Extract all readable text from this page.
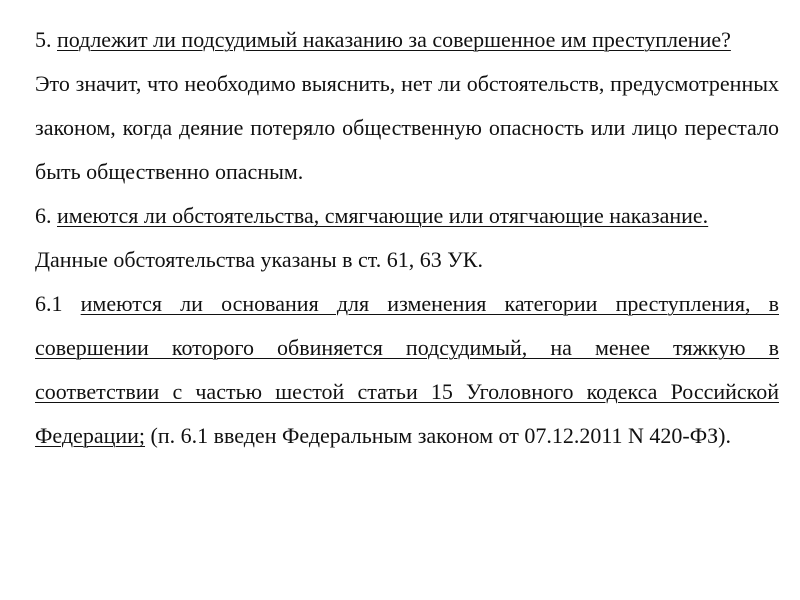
5. подлежит ли подсудимый наказанию за совершенное им преступление?

Это значит, что необходимо выяснить, нет ли обстоятельств, предусмотренных законом, когда деяние потеряло общественную опасность или лицо перестало быть общественно опасным.

6. имеются ли обстоятельства, смягчающие или отягчающие наказание.

Данные обстоятельства указаны в ст. 61, 63 УК.

6.1 имеются ли основания для изменения категории преступления, в совершении которого обвиняется подсудимый, на менее тяжкую в соответствии с частью шестой статьи 15 Уголовного кодекса Российской Федерации; (п. 6.1 введен Федеральным законом от 07.12.2011 N 420-ФЗ).
